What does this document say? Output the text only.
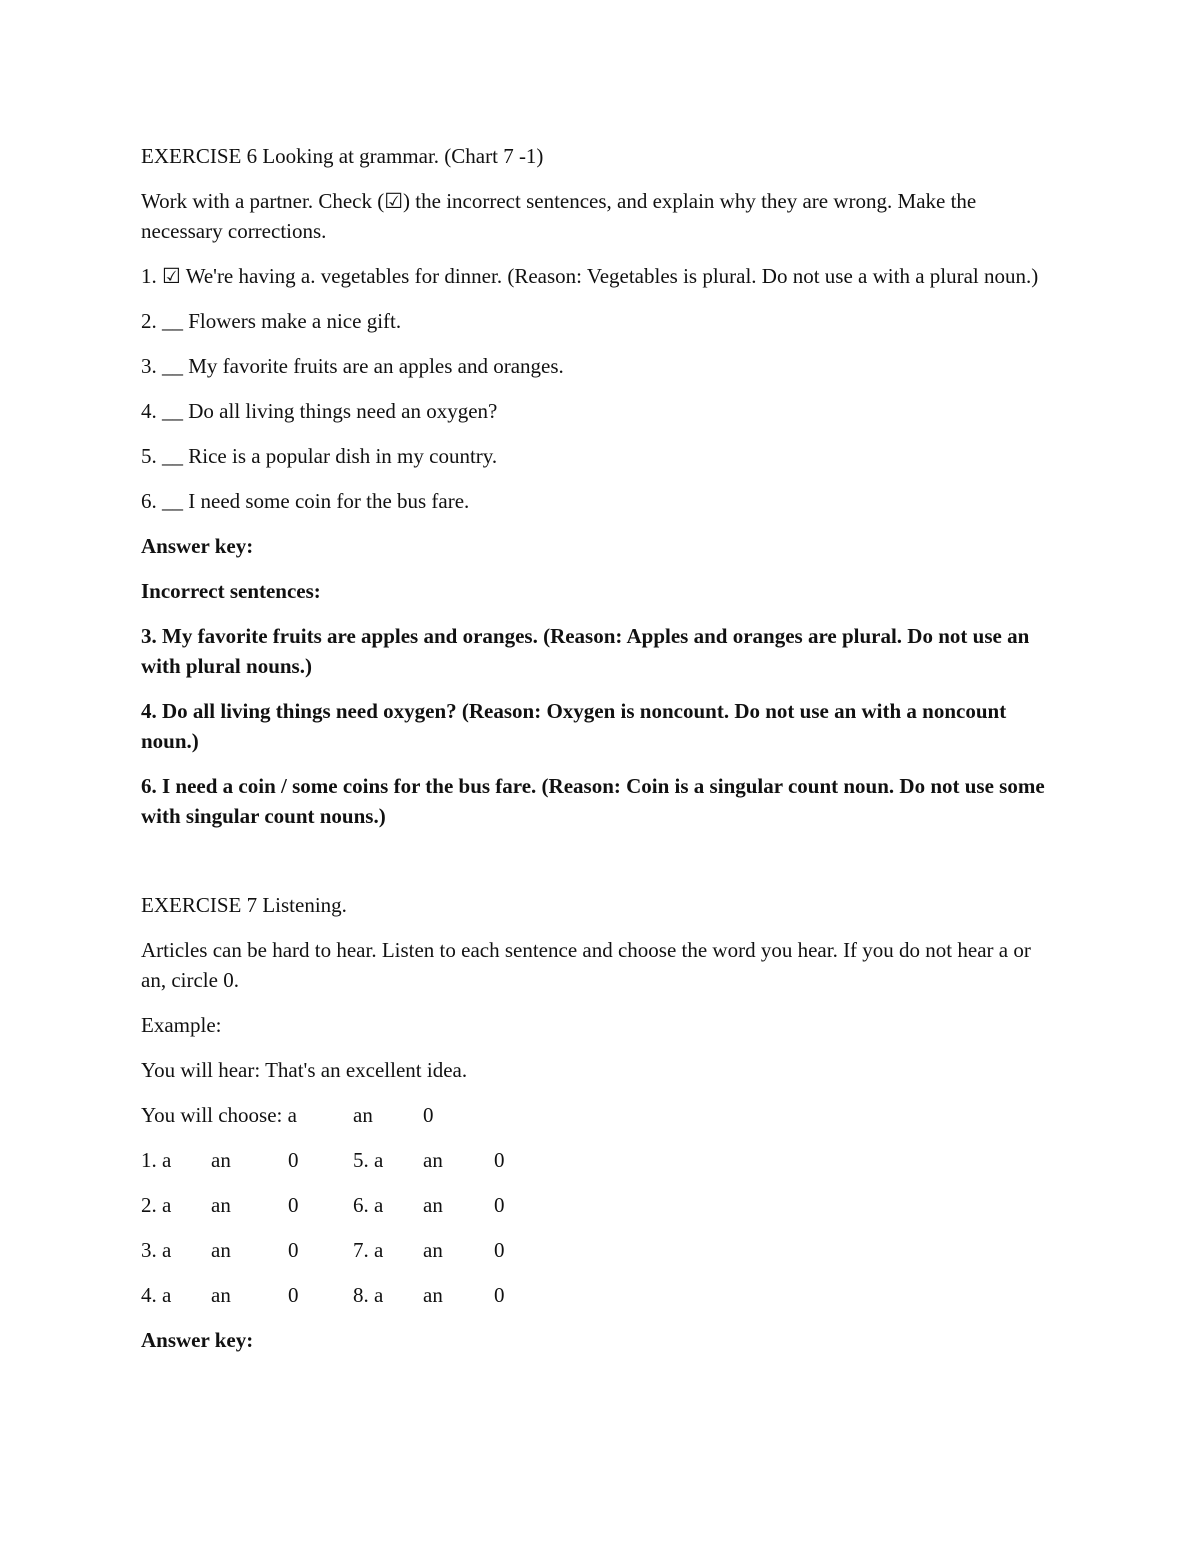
EXERCISE 6 Looking at grammar. (Chart 7 -1)

Work with a partner. Check (☑) the incorrect sentences, and explain why they are wrong. Make the necessary corrections.

1. ☑ We're having a. vegetables for dinner. (Reason: Vegetables is plural. Do not use a with a plural noun.)

2. __ Flowers make a nice gift.

3. __ My favorite fruits are an apples and oranges.

4. __ Do all living things need an oxygen?

5. __ Rice is a popular dish in my country.

6. __ I need some coin for the bus fare.

Answer key:

Incorrect sentences:

3. My favorite fruits are apples and oranges. (Reason: Apples and oranges are plural. Do not use an with plural nouns.)

4. Do all living things need oxygen? (Reason: Oxygen is noncount. Do not use an with a noncount noun.)

6. I need a coin / some coins for the bus fare. (Reason: Coin is a singular count noun. Do not use some with singular count nouns.)

EXERCISE 7 Listening.

Articles can be hard to hear. Listen to each sentence and choose the word you hear. If you do not hear a or an, circle 0.

Example:

You will hear: That's an excellent idea.

You will choose: a	an	0
1. a	an	0	5. a	an	0
2. a	an	0	6. a	an	0
3. a	an	0	7. a	an	0
4. a	an	0	8. a	an	0

Answer key:
